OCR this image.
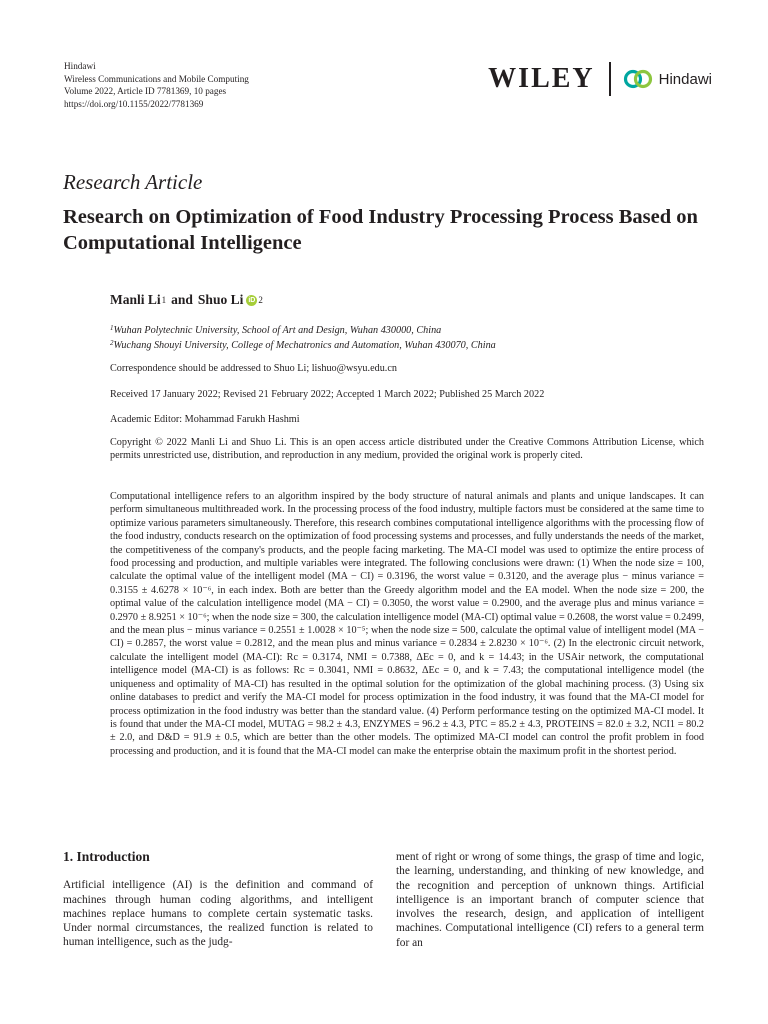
Hindawi
Wireless Communications and Mobile Computing
Volume 2022, Article ID 7781369, 10 pages
https://doi.org/10.1155/2022/7781369
WILEY	Hindawi
Research Article
Research on Optimization of Food Industry Processing Process Based on Computational Intelligence
Manli Li 1 and Shuo Li iD 2
$^1$Wuhan Polytechnic University, School of Art and Design, Wuhan 430000, China
$^2$Wuchang Shouyi University, College of Mechatronics and Automation, Wuhan 430070, China
Correspondence should be addressed to Shuo Li; lishuo@wsyu.edu.cn
Received 17 January 2022; Revised 21 February 2022; Accepted 1 March 2022; Published 25 March 2022
Academic Editor: Mohammad Farukh Hashmi
Copyright © 2022 Manli Li and Shuo Li. This is an open access article distributed under the Creative Commons Attribution License, which permits unrestricted use, distribution, and reproduction in any medium, provided the original work is properly cited.

Computational intelligence refers to an algorithm inspired by the body structure of natural animals and plants and unique landscapes. It can perform simultaneous multithreaded work. In the processing process of the food industry, multiple factors must be considered at the same time to optimize various parameters simultaneously. Therefore, this research combines computational intelligence algorithms with the processing flow of the food industry, conducts research on the optimization of food processing systems and processes, and fully understands the needs of the market, the competitiveness of the company's products, and the people facing marketing. The MA-CI model was used to optimize the entire process of food processing and production, and multiple variables were integrated. The following conclusions were drawn: (1) When the node size = 100, calculate the optimal value of the intelligent model (MA − CI) = 0.3196, the worst value = 0.3120, and the average plus − minus variance = 0.3155 ± 4.6278 × 10⁻⁶, in each index. Both are better than the Greedy algorithm model and the EA model. When the node size = 200, the optimal value of the calculation intelligence model (MA − CI) = 0.3050, the worst value = 0.2900, and the average plus and minus variance = 0.2970 ± 8.9251 × 10⁻⁶; when the node size = 300, the calculation intelligence model (MA-CI) optimal value = 0.2608, the worst value = 0.2499, and the mean plus − minus variance = 0.2551 ± 1.0028 × 10⁻⁵; when the node size = 500, calculate the optimal value of intelligent model (MA − CI) = 0.2857, the worst value = 0.2812, and the mean plus and minus variance = 0.2834 ± 2.8230 × 10⁻⁶. (2) In the electronic circuit network, calculate the intelligent model (MA-CI): Rc = 0.3174, NMI = 0.7388, ΔEc = 0, and k = 14.43; in the USAir network, the computational intelligence model (MA-CI) is as follows: Rc = 0.3041, NMI = 0.8632, ΔEc = 0, and k = 7.43; the computational intelligence model (the uniqueness and optimality of MA-CI) has resulted in the optimal solution for the optimization of the global machining process. (3) Using six online databases to predict and verify the MA-CI model for process optimization in the food industry, it was found that the MA-CI model for process optimization in the food industry was better than the standard value. (4) Perform performance testing on the optimized MA-CI model. It is found that under the MA-CI model, MUTAG = 98.2 ± 4.3, ENZYMES = 96.2 ± 4.3, PTC = 85.2 ± 4.3, PROTEINS = 82.0 ± 3.2, NCI1 = 80.2 ± 2.0, and D&D = 91.9 ± 0.5, which are better than the other models. The optimized MA-CI model can control the profit problem in food processing and production, and it is found that the MA-CI model can make the enterprise obtain the maximum profit in the shortest period.

1. Introduction

Artificial intelligence (AI) is the definition and command of machines through human coding algorithms, and intelligent machines replace humans to complete certain systematic tasks. Under normal circumstances, the realized function is related to human intelligence, such as the judg-

ment of right or wrong of some things, the grasp of time and logic, the learning, understanding, and thinking of new knowledge, and the recognition and perception of unknown things. Artificial intelligence is an important branch of computer science that involves the research, design, and application of intelligent machines. Computational intelligence (CI) refers to a general term for an
